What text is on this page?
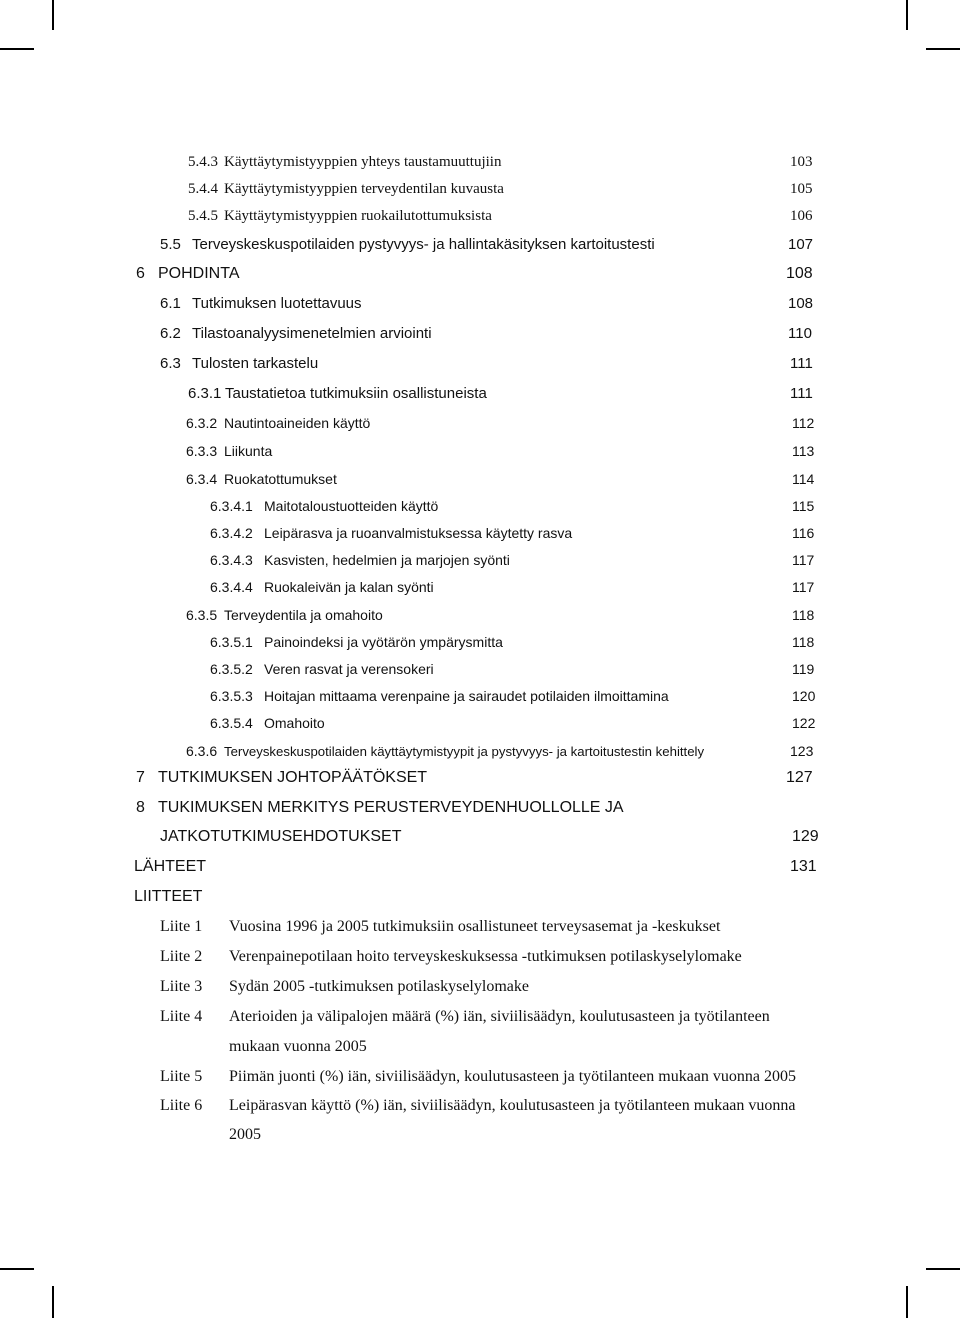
5.4.3 Käyttäytymistyyppien yhteys taustamuuttujiin	103
5.4.4 Käyttäytymistyyppien terveydentilan kuvausta	105
5.4.5 Käyttäytymistyyppien ruokailutottumuksista	106
5.5 Terveyskeskuspotilaiden pystyvyys- ja hallintakäsityksen kartoitustesti	107
6 POHDINTA	108
6.1 Tutkimuksen luotettavuus	108
6.2 Tilastoanalyysimenetelmien arviointi	110
6.3 Tulosten tarkastelu	111
6.3.1 Taustatietoa tutkimuksiin osallistuneista	111
6.3.2 Nautintoaineiden käyttö	112
6.3.3 Liikunta	113
6.3.4 Ruokatottumukset	114
6.3.4.1 Maitotaloustuotteiden käyttö	115
6.3.4.2 Leipärasva ja ruoanvalmistuksessa käytetty rasva	116
6.3.4.3 Kasvisten, hedelmien ja marjojen syönti	117
6.3.4.4 Ruokaleivän ja kalan syönti	117
6.3.5 Terveydentila ja omahoito	118
6.3.5.1 Painoindeksi ja vyötärön ympärysmitta	118
6.3.5.2 Veren rasvat ja verensokeri	119
6.3.5.3 Hoitajan mittaama verenpaine ja sairaudet potilaiden ilmoittamina	120
6.3.5.4 Omahoito	122
6.3.6 Terveyskeskuspotilaiden käyttäytymistyypit ja pystyvyys- ja kartoitustestin kehittely	123
7 TUTKIMUKSEN JOHTOPÄÄTÖKSET	127
8 TUKIMUKSEN MERKITYS PERUSTERVEYDENHUOLLOLLE JA
JATKOTUTKIMUSEHDOTUKSET	129
LÄHTEET	131
LIITTEET
Liite 1 Vuosina 1996 ja 2005 tutkimuksiin osallistuneet terveysasemat ja -keskukset
Liite 2 Verenpainepotilaan hoito terveyskeskuksessa -tutkimuksen potilaskyselylomake
Liite 3 Sydän 2005 -tutkimuksen potilaskyselylomake
Liite 4 Aterioiden ja välipalojen määrä (%) iän, siviilisäädyn, koulutusasteen ja työtilanteen
mukaan vuonna 2005
Liite 5 Piimän juonti (%) iän, siviilisäädyn, koulutusasteen ja työtilanteen mukaan vuonna 2005
Liite 6 Leipärasvan käyttö (%) iän, siviilisäädyn, koulutusasteen ja työtilanteen mukaan vuonna
2005
